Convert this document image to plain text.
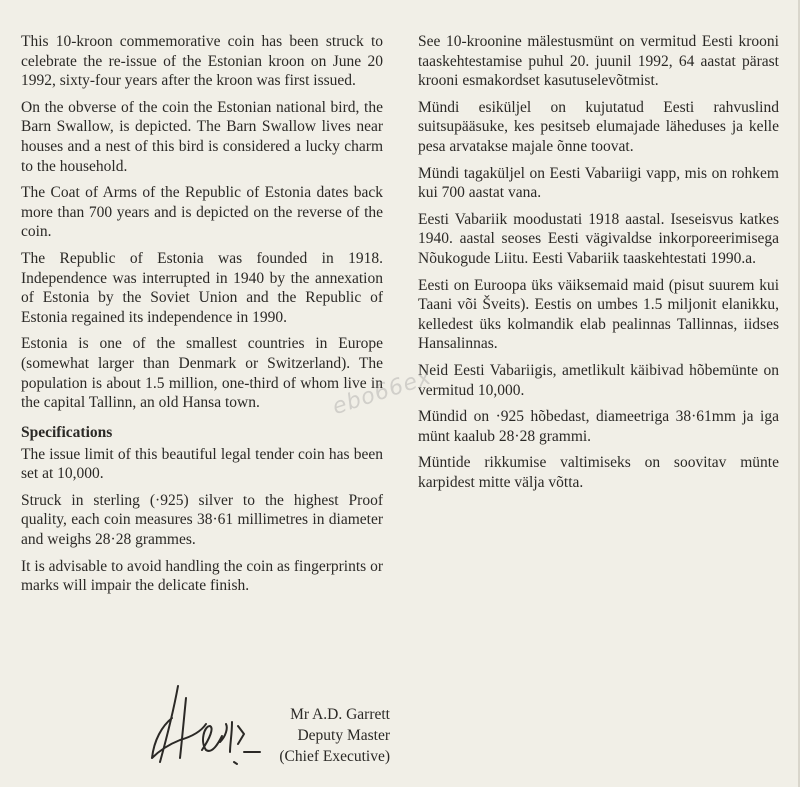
This 10-kroon commemorative coin has been struck to celebrate the re-issue of the Estonian kroon on June 20 1992, sixty-four years after the kroon was first issued.

On the obverse of the coin the Estonian national bird, the Barn Swallow, is depicted. The Barn Swallow lives near houses and a nest of this bird is considered a lucky charm to the household.

The Coat of Arms of the Republic of Estonia dates back more than 700 years and is depicted on the reverse of the coin.

The Republic of Estonia was founded in 1918. Independence was interrupted in 1940 by the annexation of Estonia by the Soviet Union and the Republic of Estonia regained its independence in 1990.

Estonia is one of the smallest countries in Europe (somewhat larger than Denmark or Switzerland). The population is about 1.5 million, one-third of whom live in the capital Tallinn, an old Hansa town.

Specifications

The issue limit of this beautiful legal tender coin has been set at 10,000.

Struck in sterling (·925) silver to the highest Proof quality, each coin measures 38·61 millimetres in diameter and weighs 28·28 grammes.

It is advisable to avoid handling the coin as fingerprints or marks will impair the delicate finish.

Mr A.D. Garrett
Deputy Master
(Chief Executive)

See 10-kroonine mälestusmünt on vermitud Eesti krooni taaskehtestamise puhul 20. juunil 1992, 64 aastat pärast krooni esmakordset kasutuselevõtmist.

Mündi esiküljel on kujutatud Eesti rahvuslind suitsupääsuke, kes pesitseb elumajade läheduses ja kelle pesa arvatakse majale õnne toovat.

Mündi tagaküljel on Eesti Vabariigi vapp, mis on rohkem kui 700 aastat vana.

Eesti Vabariik moodustati 1918 aastal. Iseseisvus katkes 1940. aastal seoses Eesti vägivaldse inkorporeerimisega Nõukogude Liitu. Eesti Vabariik taaskehtestati 1990.a.

Eesti on Euroopa üks väiksemaid maid (pisut suurem kui Taani või Šveits). Eestis on umbes 1.5 miljonit elanikku, kelledest üks kolmandik elab pealinnas Tallinnas, iidses Hansalinnas.

Neid Eesti Vabariigis, ametlikult käibivad hõbemünte on vermitud 10,000.

Mündid on ·925 hõbedast, diameetriga 38·61mm ja iga münt kaalub 28·28 grammi.

Müntide rikkumise valtimiseks on soovitav münte karpidest mitte välja võtta.

ebo66ex
